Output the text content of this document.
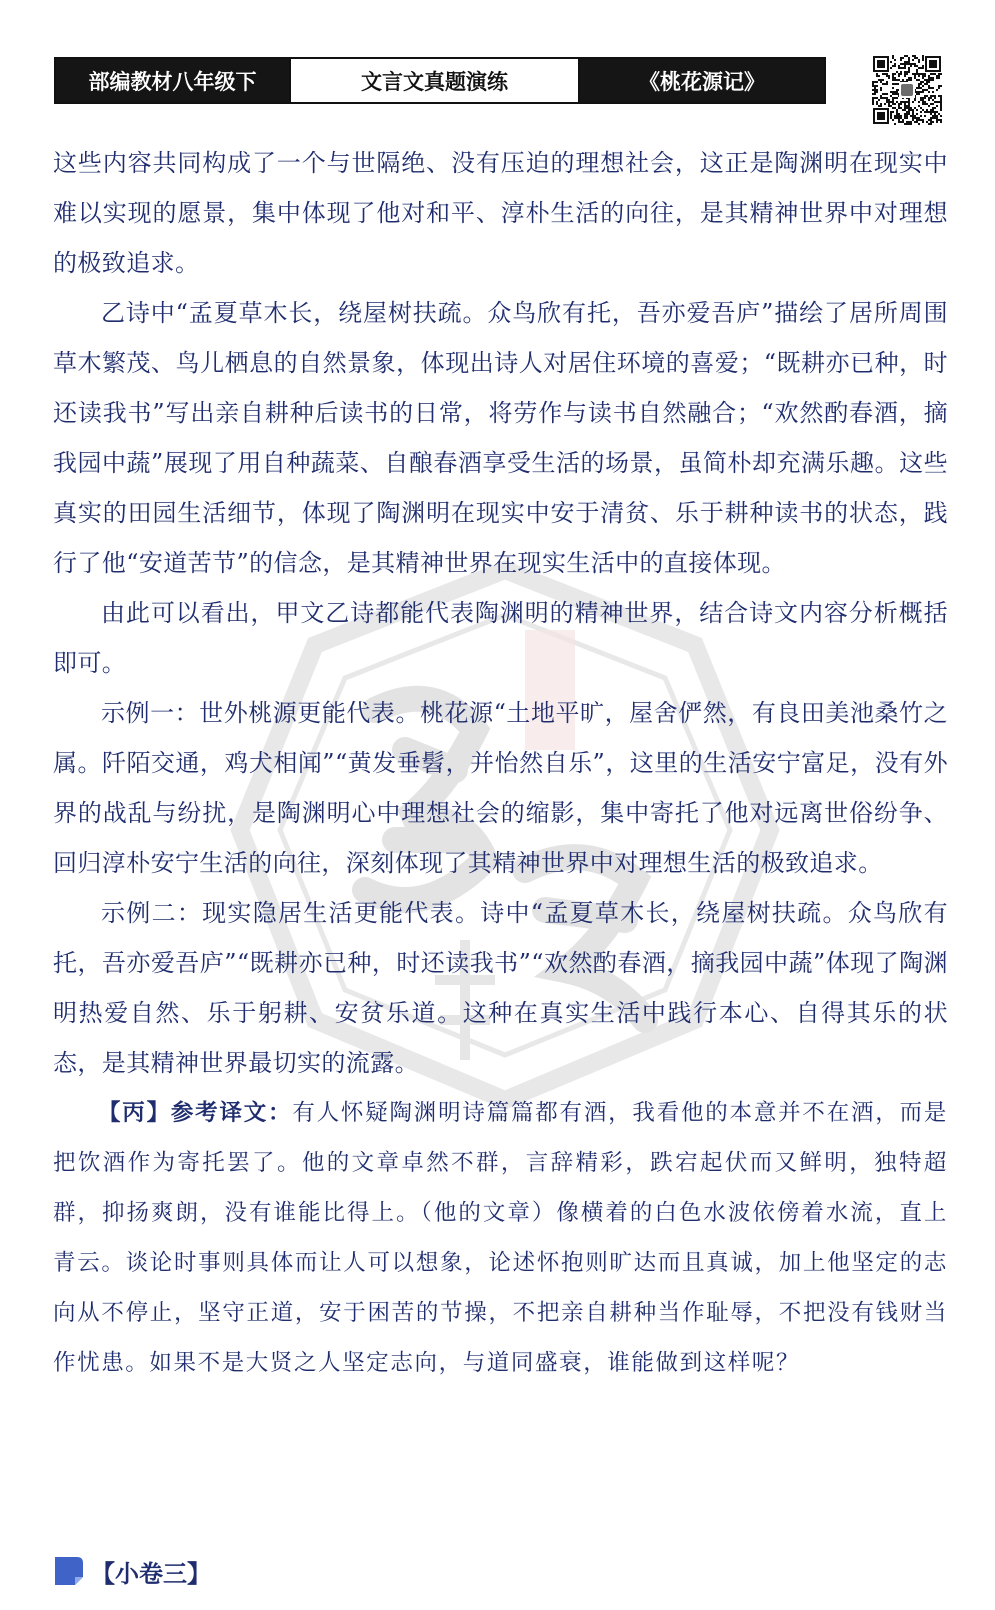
部编教材八年级下	文言文真题演练	《桃花源记》

这些内容共同构成了一个与世隔绝、没有压迫的理想社会，这正是陶渊明在现实中难以实现的愿景，集中体现了他对和平、淳朴生活的向往，是其精神世界中对理想的极致追求。

乙诗中“孟夏草木长，绕屋树扶疏。众鸟欣有托，吾亦爱吾庐”描绘了居所周围草木繁茂、鸟儿栖息的自然景象，体现出诗人对居住环境的喜爱；“既耕亦已种，时还读我书”写出亲自耕种后读书的日常，将劳作与读书自然融合；“欢然酌春酒，摘我园中蔬”展现了用自种蔬菜、自酿春酒享受生活的场景，虽简朴却充满乐趣。这些真实的田园生活细节，体现了陶渊明在现实中安于清贫、乐于耕种读书的状态，践行了他“安道苦节”的信念，是其精神世界在现实生活中的直接体现。

由此可以看出，甲文乙诗都能代表陶渊明的精神世界，结合诗文内容分析概括即可。

示例一：世外桃源更能代表。桃花源“土地平旷，屋舍俨然，有良田美池桑竹之属。阡陌交通，鸡犬相闻”“黄发垂髫，并怡然自乐”，这里的生活安宁富足，没有外界的战乱与纷扰，是陶渊明心中理想社会的缩影，集中寄托了他对远离世俗纷争、回归淳朴安宁生活的向往，深刻体现了其精神世界中对理想生活的极致追求。

示例二：现实隐居生活更能代表。诗中“孟夏草木长，绕屋树扶疏。众鸟欣有托，吾亦爱吾庐”“既耕亦已种，时还读我书”“欢然酌春酒，摘我园中蔬”体现了陶渊明热爱自然、乐于躬耕、安贫乐道。这种在真实生活中践行本心、自得其乐的状态，是其精神世界最切实的流露。

【丙】参考译文：有人怀疑陶渊明诗篇篇都有酒，我看他的本意并不在酒，而是把饮酒作为寄托罢了。他的文章卓然不群，言辞精彩，跌宕起伏而又鲜明，独特超群，抑扬爽朗，没有谁能比得上。（他的文章）像横着的白色水波依傍着水流，直上青云。谈论时事则具体而让人可以想象，论述怀抱则旷达而且真诚，加上他坚定的志向从不停止，坚守正道，安于困苦的节操，不把亲自耕种当作耻辱，不把没有钱财当作忧患。如果不是大贤之人坚定志向，与道同盛衰，谁能做到这样呢？

【小卷三】
